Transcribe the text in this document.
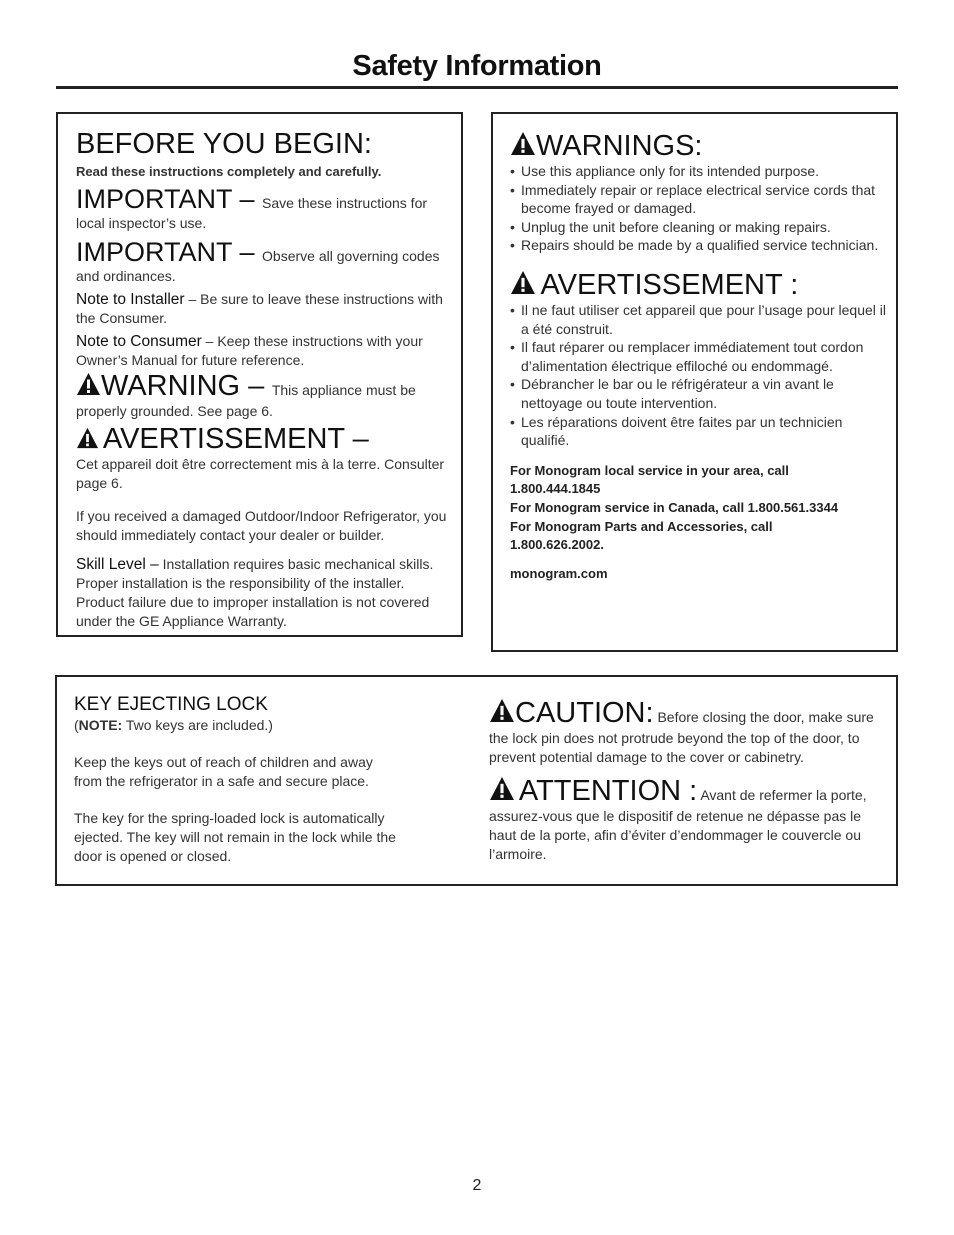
Safety Information
BEFORE YOU BEGIN:
Read these instructions completely and carefully.
IMPORTANT – Save these instructions for local inspector’s use.
IMPORTANT – Observe all governing codes and ordinances.
Note to Installer – Be sure to leave these instructions with the Consumer.
Note to Consumer – Keep these instructions with your Owner’s Manual for future reference.
WARNING – This appliance must be properly grounded. See page 6.
AVERTISSEMENT –
Cet appareil doit être correctement mis à la terre. Consulter page 6.
If you received a damaged Outdoor/Indoor Refrigerator, you should immediately contact your dealer or builder.
Skill Level – Installation requires basic mechanical skills. Proper installation is the responsibility of the installer. Product failure due to improper installation is not covered under the GE Appliance Warranty.
WARNINGS:
• Use this appliance only for its intended purpose.
• Immediately repair or replace electrical service cords that become frayed or damaged.
• Unplug the unit before cleaning or making repairs.
• Repairs should be made by a qualified service technician.
AVERTISSEMENT :
• Il ne faut utiliser cet appareil que pour l’usage pour lequel il a été construit.
• Il faut réparer ou remplacer immédiatement tout cordon d’alimentation électrique effiloché ou endommagé.
• Débrancher le bar ou le réfrigérateur a vin avant le nettoyage ou toute intervention.
• Les réparations doivent être faites par un technicien qualifié.
For Monogram local service in your area, call 1.800.444.1845
For Monogram service in Canada, call 1.800.561.3344
For Monogram Parts and Accessories, call 1.800.626.2002.
monogram.com
KEY EJECTING LOCK
(NOTE: Two keys are included.)
Keep the keys out of reach of children and away from the refrigerator in a safe and secure place.
The key for the spring-loaded lock is automatically ejected. The key will not remain in the lock while the door is opened or closed.
CAUTION: Before closing the door, make sure the lock pin does not protrude beyond the top of the door, to prevent potential damage to the cover or cabinetry.
ATTENTION : Avant de refermer la porte, assurez-vous que le dispositif de retenue ne dépasse pas le haut de la porte, afin d’éviter d’endommager le couvercle ou l’armoire.
2
